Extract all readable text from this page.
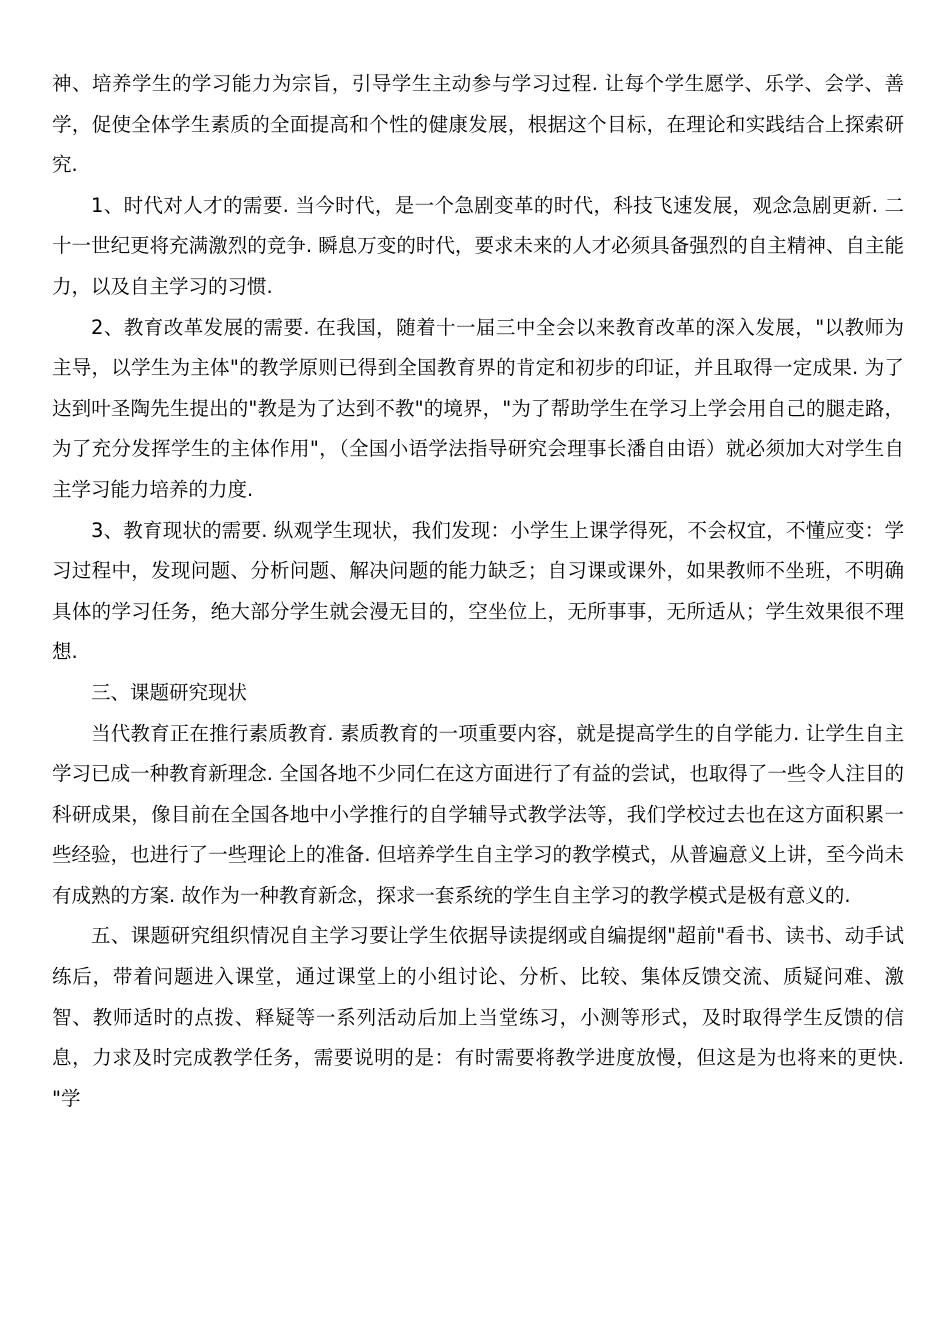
神、培养学生的学习能力为宗旨，引导学生主动参与学习过程. 让每个学生愿学、乐学、会学、善学，促使全体学生素质的全面提高和个性的健康发展，根据这个目标，在理论和实践结合上探索研究.

1、时代对人才的需要. 当今时代，是一个急剧变革的时代，科技飞速发展，观念急剧更新. 二十一世纪更将充满激烈的竞争. 瞬息万变的时代，要求未来的人才必须具备强烈的自主精神、自主能力，以及自主学习的习惯.

2、教育改革发展的需要. 在我国，随着十一届三中全会以来教育改革的深入发展，"以教师为主导，以学生为主体"的教学原则已得到全国教育界的肯定和初步的印证，并且取得一定成果. 为了达到叶圣陶先生提出的"教是为了达到不教"的境界，"为了帮助学生在学习上学会用自己的腿走路，为了充分发挥学生的主体作用"，（全国小语学法指导研究会理事长潘自由语）就必须加大对学生自主学习能力培养的力度.

3、教育现状的需要. 纵观学生现状，我们发现：小学生上课学得死，不会权宜，不懂应变：学习过程中，发现问题、分析问题、解决问题的能力缺乏；自习课或课外，如果教师不坐班，不明确具体的学习任务，绝大部分学生就会漫无目的，空坐位上，无所事事，无所适从；学生效果很不理想.

三、课题研究现状

当代教育正在推行素质教育. 素质教育的一项重要内容，就是提高学生的自学能力. 让学生自主学习已成一种教育新理念. 全国各地不少同仁在这方面进行了有益的尝试，也取得了一些令人注目的科研成果，像目前在全国各地中小学推行的自学辅导式教学法等，我们学校过去也在这方面积累一些经验，也进行了一些理论上的准备. 但培养学生自主学习的教学模式，从普遍意义上讲，至今尚未有成熟的方案. 故作为一种教育新念，探求一套系统的学生自主学习的教学模式是极有意义的.

五、课题研究组织情况自主学习要让学生依据导读提纲或自编提纲"超前"看书、读书、动手试练后，带着问题进入课堂，通过课堂上的小组讨论、分析、比较、集体反馈交流、质疑问难、激智、教师适时的点拨、释疑等一系列活动后加上当堂练习，小测等形式，及时取得学生反馈的信息，力求及时完成教学任务，需要说明的是：有时需要将教学进度放慢，但这是为也将来的更快. "学
